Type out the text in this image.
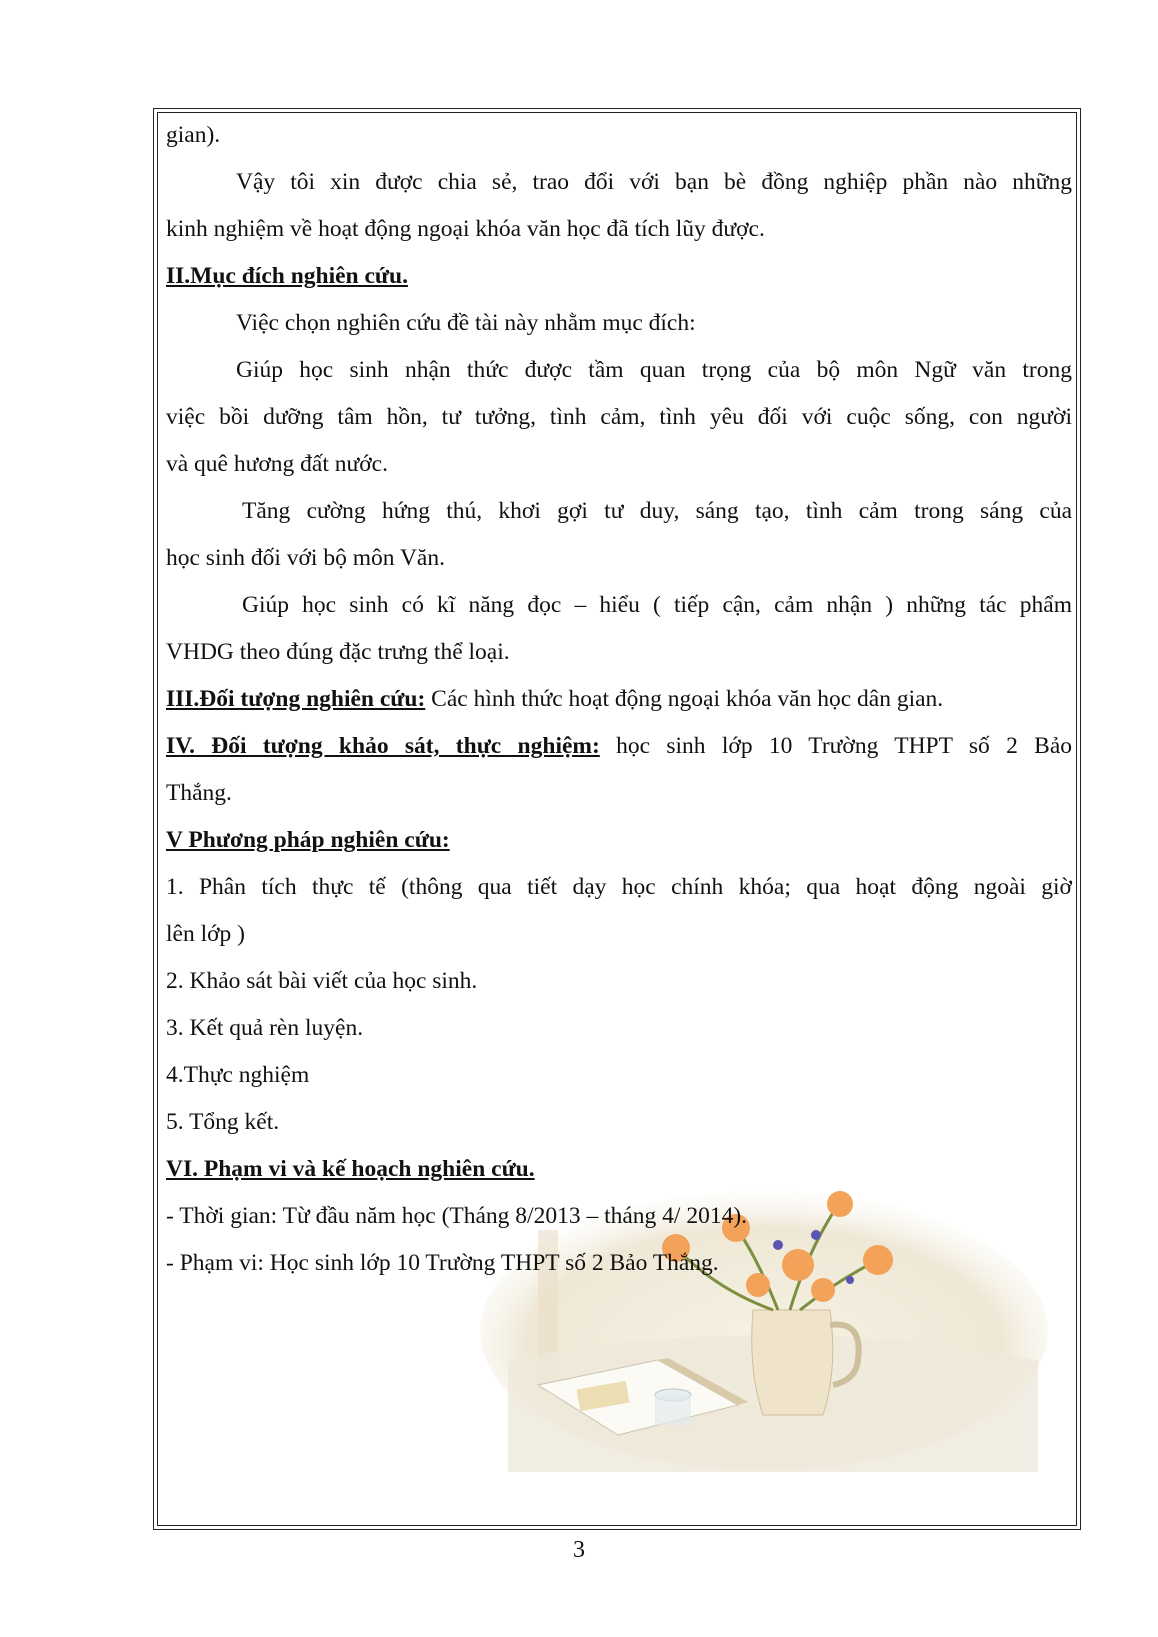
gian).

Vậy tôi xin được chia sẻ, trao đổi với bạn bè đồng nghiệp phần nào những

kinh nghiệm về hoạt động ngoại khóa văn học đã tích lũy được.

II.Mục đích nghiên cứu.

Việc chọn nghiên cứu đề tài này nhằm mục đích:

Giúp học sinh nhận thức được tầm quan trọng của bộ môn Ngữ văn trong

việc bồi dưỡng tâm hồn, tư tưởng, tình cảm, tình yêu đối với cuộc sống, con người

và quê hương đất nước.

Tăng cường hứng thú, khơi gợi tư duy, sáng tạo, tình cảm trong sáng của

học sinh đối với bộ môn Văn.

Giúp học sinh có kĩ năng đọc – hiểu ( tiếp cận, cảm nhận ) những tác phẩm

VHDG theo đúng đặc trưng thể loại.

III.Đối tượng nghiên cứu: Các hình thức hoạt động ngoại khóa văn học dân gian.

IV. Đối tượng khảo sát, thực nghiệm: học sinh lớp 10 Trường THPT số 2 Bảo

Thắng.

V Phương pháp nghiên cứu:

1. Phân tích thực tế (thông qua tiết dạy học chính khóa; qua hoạt động ngoài giờ

lên lớp )

2. Khảo sát bài viết của học sinh.

3. Kết quả rèn luyện.

4.Thực nghiệm

5. Tổng kết.

VI. Phạm vi và kế hoạch nghiên cứu.

- Thời gian: Từ đầu năm học (Tháng 8/2013 – tháng 4/ 2014).

- Phạm vi: Học sinh lớp 10 Trường THPT số 2 Bảo Thắng.

3
